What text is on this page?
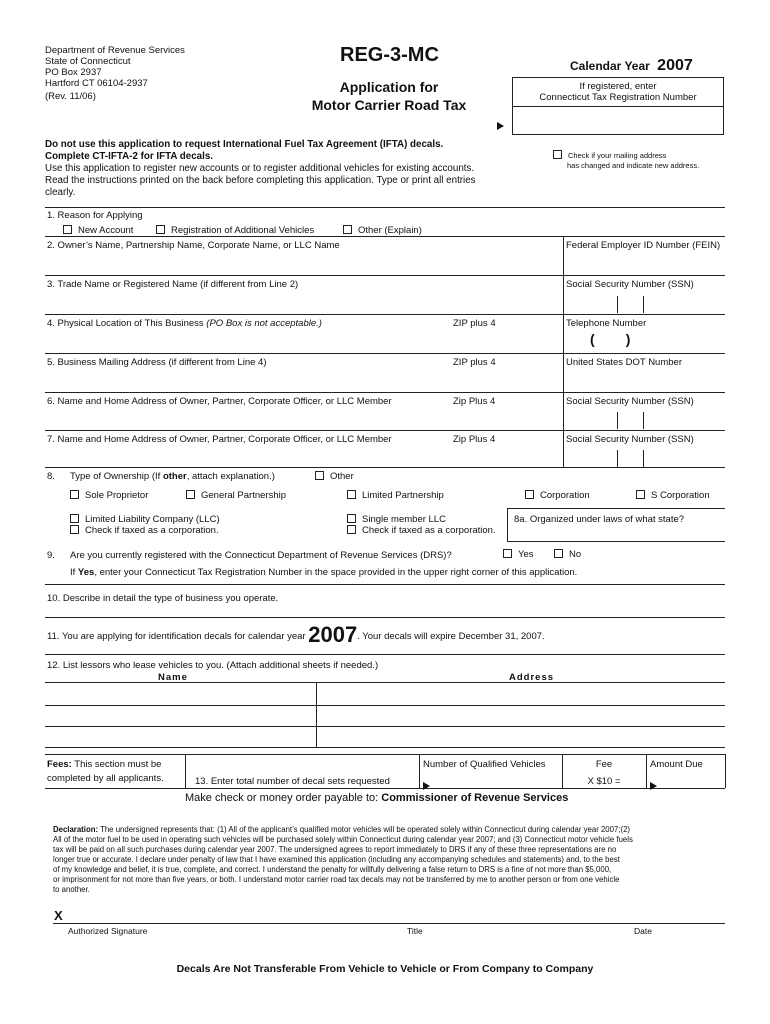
Department of Revenue Services
State of Connecticut
PO Box 2937
Hartford CT 06104-2937
(Rev. 11/06)
REG-3-MC
Application for
Motor Carrier Road Tax
Calendar Year 2007
If registered, enter
Connecticut Tax Registration Number
Do not use this application to request International Fuel Tax Agreement (IFTA) decals.
Complete CT-IFTA-2 for IFTA decals.
Use this application to register new accounts or to register additional vehicles for existing accounts.
Read the instructions printed on the back before completing this application. Type or print all entries
clearly.
Check if your mailing address
has changed and indicate new address.
1. Reason for Applying
New Account	Registration of Additional Vehicles	Other (Explain)
2. Owner’s Name, Partnership Name, Corporate Name, or LLC Name	Federal Employer ID Number (FEIN)
3. Trade Name or Registered Name (if different from Line 2)	Social Security Number (SSN)
4. Physical Location of This Business (PO Box is not acceptable.)	ZIP plus 4	Telephone Number
(        )
5. Business Mailing Address (if different from Line 4)	ZIP plus 4	United States DOT Number
6. Name and Home Address of Owner, Partner, Corporate Officer, or LLC Member	Zip Plus 4	Social Security Number (SSN)
7. Name and Home Address of Owner, Partner, Corporate Officer, or LLC Member	Zip Plus 4	Social Security Number (SSN)
8. Type of Ownership (If other, attach explanation.)	Other
Sole Proprietor	General Partnership	Limited Partnership	Corporation	S Corporation
Limited Liability Company (LLC)
Check if taxed as a corporation.
Single member LLC
Check if taxed as a corporation.
8a. Organized under laws of what state?
9. Are you currently registered with the Connecticut Department of Revenue Services (DRS)?	Yes	No
If Yes, enter your Connecticut Tax Registration Number in the space provided in the upper right corner of this application.
10. Describe in detail the type of business you operate.
11. You are applying for identification decals for calendar year 2007. Your decals will expire December 31, 2007.
12. List lessors who lease vehicles to you. (Attach additional sheets if needed.)
Name	Address
Fees: This section must be
completed by all applicants.	13. Enter total number of decal sets requested
Number of Qualified Vehicles	Fee
X $10 =
Amount Due
Make check or money order payable to: Commissioner of Revenue Services
Declaration: The undersigned represents that: (1) All of the applicant’s qualified motor vehicles will be operated solely within Connecticut during calendar year 2007;(2)
All of the motor fuel to be used in operating such vehicles will be purchased solely within Connecticut during calendar year 2007; and (3) Connecticut motor vehicle fuels
tax will be paid on all such purchases during calendar year 2007. The undersigned agrees to report immediately to DRS if any of these three representations are no
longer true or accurate. I declare under penalty of law that I have examined this application (including any accompanying schedules and statements) and, to the best
of my knowledge and belief, it is true, complete, and correct. I understand the penalty for willfully delivering a false return to DRS is a fine of not more than $5,000,
or imprisonment for not more than five years, or both. I understand motor carrier road tax decals may not be transferred by me to another person or from one vehicle
to another.
X
Authorized Signature	Title	Date
Decals Are Not Transferable From Vehicle to Vehicle or From Company to Company
